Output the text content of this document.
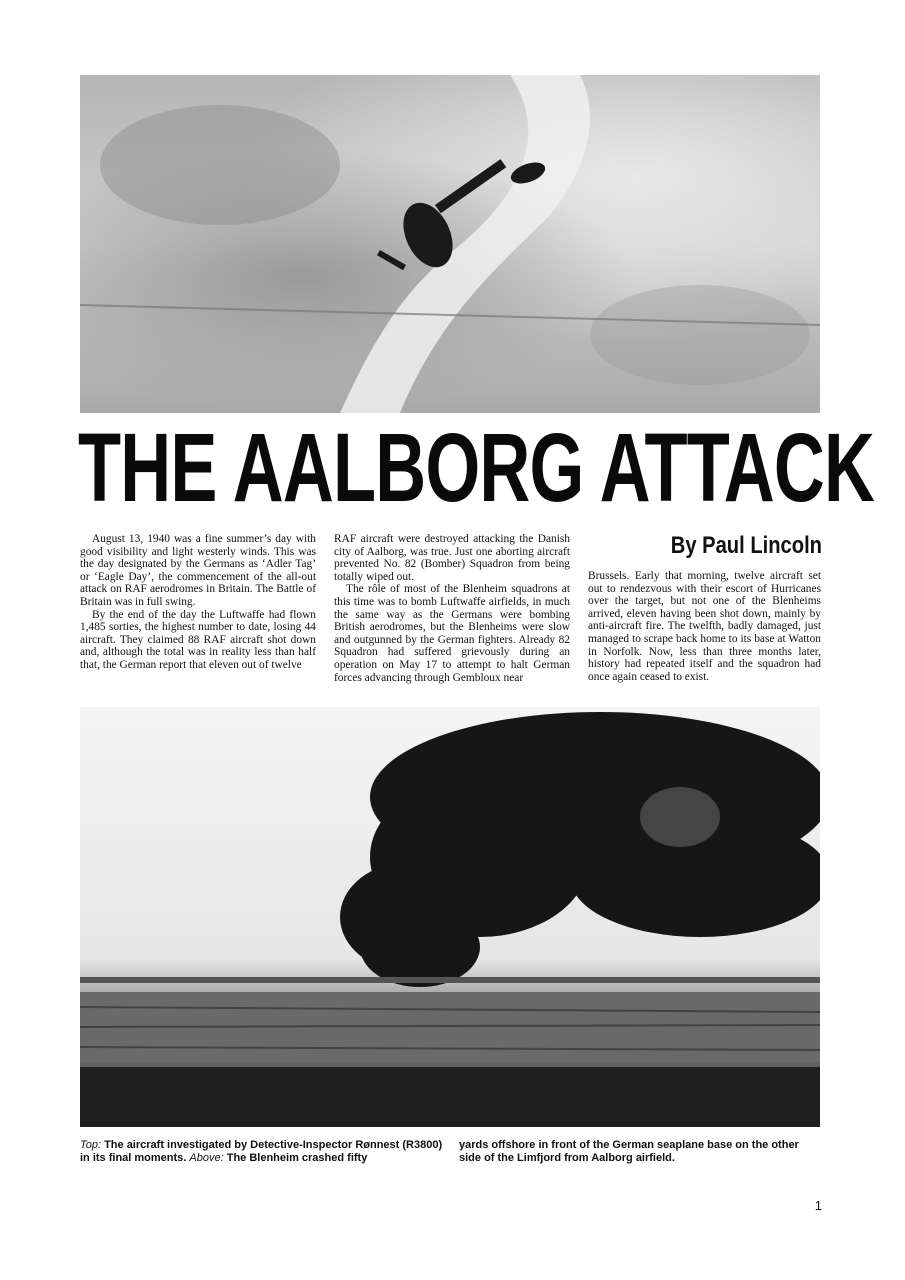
THE AALBORG ATTACK

August 13, 1940 was a fine summer’s day with good visibility and light westerly winds. This was the day designated by the Germans as ‘Adler Tag’ or ‘Eagle Day’, the commencement of the all-out attack on RAF aerodromes in Britain. The Battle of Britain was in full swing.

By the end of the day the Luftwaffe had flown 1,485 sorties, the highest number to date, losing 44 aircraft. They claimed 88 RAF aircraft shot down and, although the total was in reality less than half that, the German report that eleven out of twelve

RAF aircraft were destroyed attacking the Danish city of Aalborg, was true. Just one aborting aircraft prevented No. 82 (Bomber) Squadron from being totally wiped out.

The rôle of most of the Blenheim squadrons at this time was to bomb Luftwaffe airfields, in much the same way as the Germans were bombing British aerodromes, but the Blenheims were slow and outgunned by the German fighters. Already 82 Squadron had suffered grievously during an operation on May 17 to attempt to halt German forces advancing through Gembloux near

By Paul Lincoln

Brussels. Early that morning, twelve aircraft set out to rendezvous with their escort of Hurricanes over the target, but not one of the Blenheims arrived, eleven having been shot down, mainly by anti-aircraft fire. The twelfth, badly damaged, just managed to scrape back home to its base at Watton in Norfolk. Now, less than three months later, history had repeated itself and the squadron had once again ceased to exist.

Top: The aircraft investigated by Detective-Inspector Rønnest (R3800) in its final moments. Above: The Blenheim crashed fifty
yards offshore in front of the German seaplane base on the other side of the Limfjord from Aalborg airfield.
1
